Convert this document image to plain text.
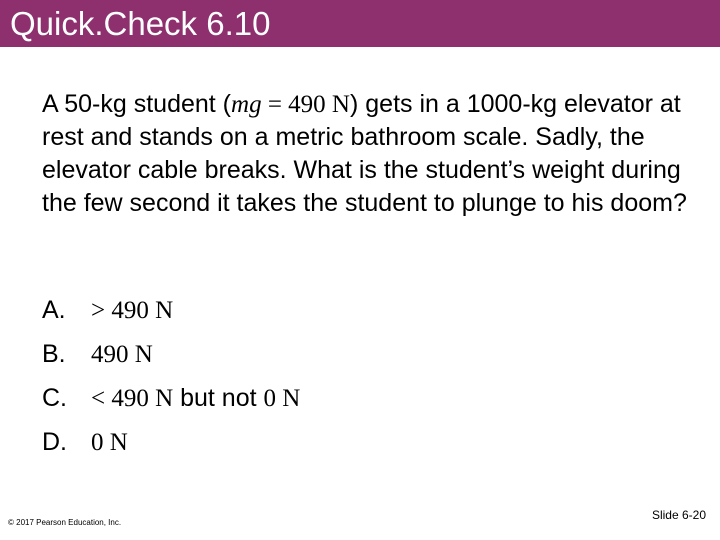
Quick.Check 6.10
A 50-kg student (mg = 490 N) gets in a 1000-kg elevator at rest and stands on a metric bathroom scale. Sadly, the elevator cable breaks. What is the student’s weight during the few second it takes the student to plunge to his doom?
A. > 490 N
B. 490 N
C. < 490 N but not 0 N
D. 0 N
© 2017 Pearson Education, Inc.
Slide 6-20
